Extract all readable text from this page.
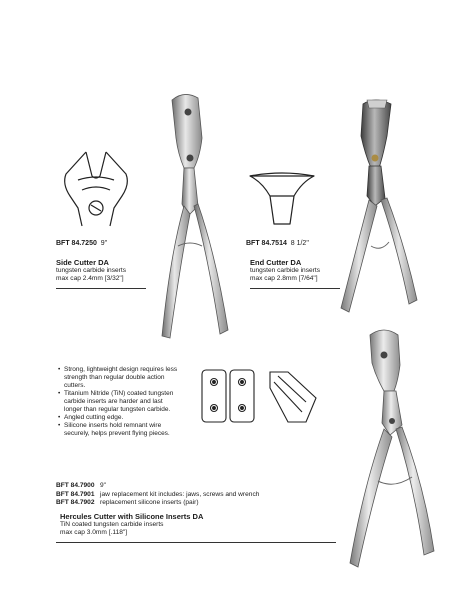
BFT 84.7250 9"

Side Cutter DA

tungsten carbide inserts

max cap 2.4mm [3/32"]

BFT 84.7514 8 1/2"

End Cutter DA

tungsten carbide inserts

max cap 2.8mm [7/64"]

• Strong, lightweight design requires less strength than regular double action cutters.
• Titanium Nitride (TiN) coated tungsten carbide inserts are harder and last longer than regular tungsten carbide.
• Angled cutting edge.
• Silicone inserts hold remnant wire securely, helps prevent flying pieces.
BFT 84.7900 9"
BFT 84.7901 jaw replacement kit includes: jaws, screws and wrench
BFT 84.7902 replacement silicone inserts (pair)

Hercules Cutter with Silicone Inserts DA

TiN coated tungsten carbide inserts

max cap 3.0mm [.118"]
